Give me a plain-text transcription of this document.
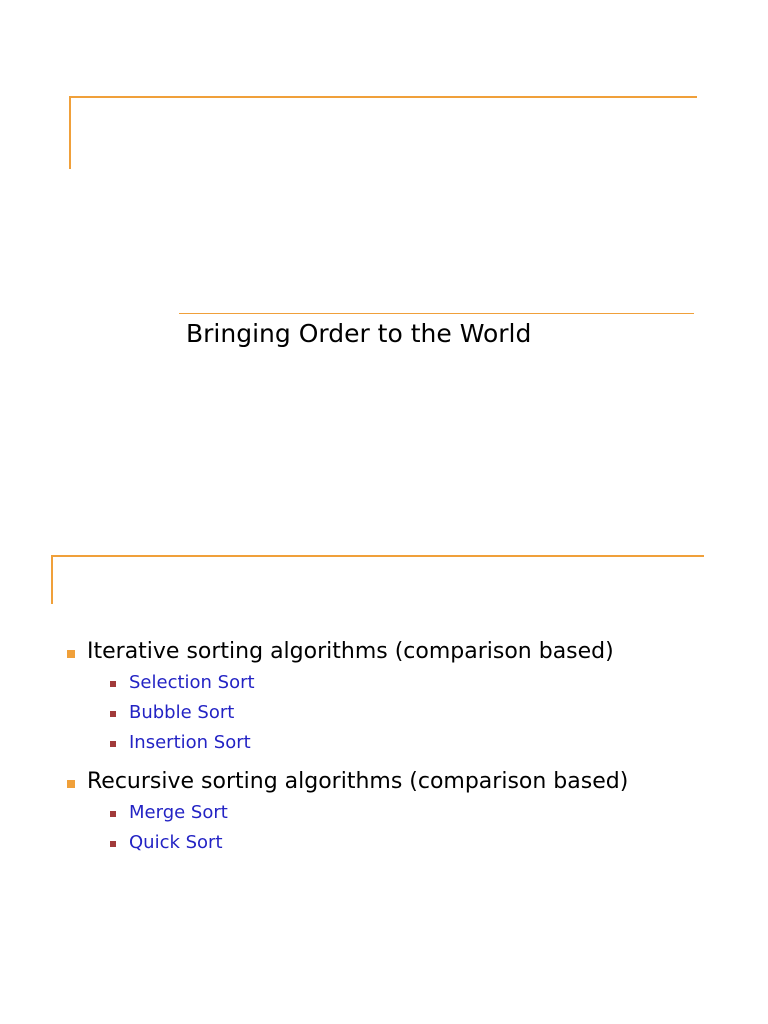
Bringing Order to the World
Iterative sorting algorithms (comparison based)
Selection Sort
Bubble Sort
Insertion Sort
Recursive sorting algorithms (comparison based)
Merge Sort
Quick Sort
